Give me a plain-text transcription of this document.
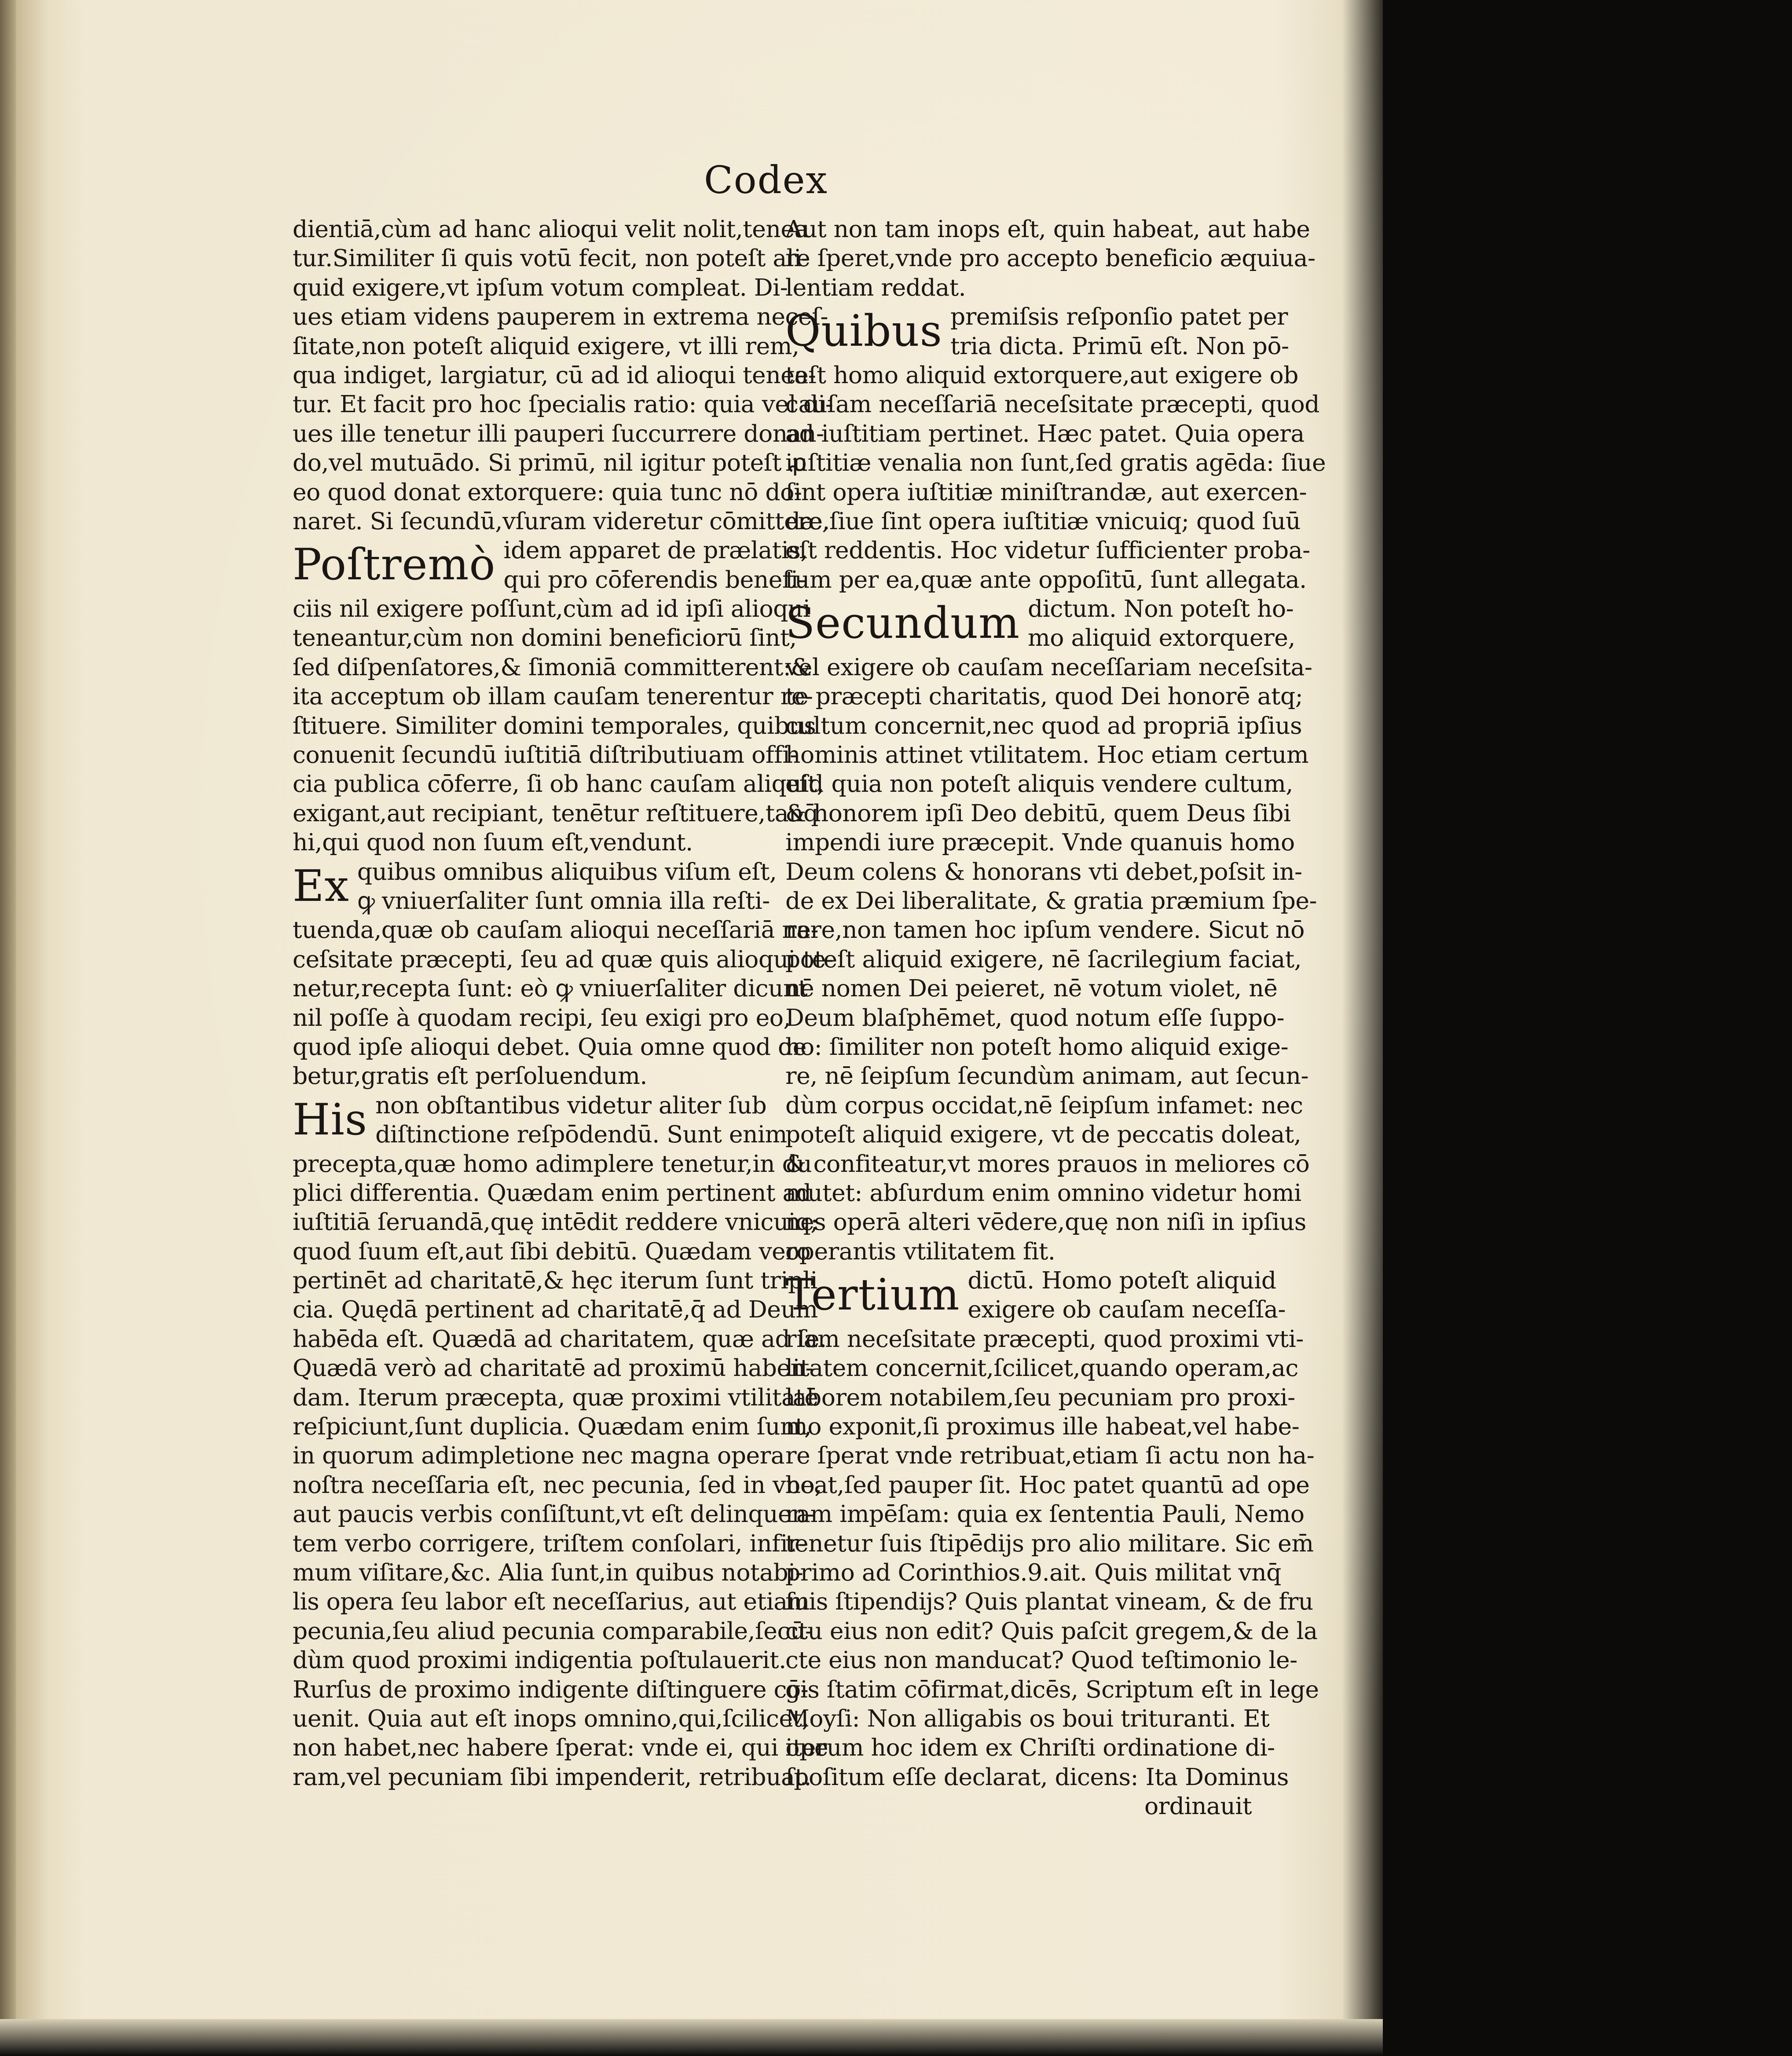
Codex
dientiā,cùm ad hanc alioqui velit nolit,tenea
tur.Similiter ſi quis votū fecit, non poteſt ali-
quid exigere,vt ipſum votum compleat. Di-
ues etiam videns pauperem in extrema neceſ-
ſitate,non poteſt aliquid exigere, vt illi rem,
qua indiget, largiatur, cū ad id alioqui tenea-
tur. Et facit pro hoc ſpecialis ratio: quia vel di-
ues ille tenetur illi pauperi ſuccurrere donan-
do,vel mutuādo. Si primū, nil igitur poteſt ꝓ
eo quod donat extorquere: quia tunc nō do-
naret. Si ſecundū,vſuram videretur cōmittere.
Poſtremò idem apparet de prælatis,
qui pro cōferendis benefi-
ciis nil exigere poſſunt,cùm ad id ipſi alioqui
teneantur,cùm non domini beneficiorū ſint,
ſed diſpenſatores,& ſimoniā committerent:&
ita acceptum ob illam cauſam tenerentur re-
ſtituere. Similiter domini temporales, quibus
conuenit ſecundū iuſtitiā diſtributiuam offi-
cia publica cōferre, ſi ob hanc cauſam aliquid
exigant,aut recipiant, tenētur reſtituere,tanq̄
hi,qui quod non ſuum eſt,vendunt.
Ex quibus omnibus aliquibus viſum eſt,
ꝙ vniuerſaliter ſunt omnia illa reſti-
tuenda,quæ ob cauſam alioqui neceſſariā ne-
ceſsitate præcepti, ſeu ad quæ quis alioqui te-
netur,recepta ſunt: eò ꝙ vniuerſaliter dicunt
nil poſſe à quodam recipi, ſeu exigi pro eo,
quod ipſe alioqui debet. Quia omne quod de
betur,gratis eſt perſoluendum.
His non obſtantibus videtur aliter ſub
diſtinctione reſpōdendū. Sunt enim
precepta,quæ homo adimplere tenetur,in du
plici differentia. Quædam enim pertinent ad
iuſtitiā ſeruandā,quę intēdit reddere vnicuiq;
quod ſuum eſt,aut ſibi debitū. Quædam vero
pertinēt ad charitatē,& hęc iterum ſunt tripli
cia. Quędā pertinent ad charitatē,q̄ ad Deum
habēda eſt. Quædā ad charitatem, quæ ad ſe.
Quædā verò ad charitatē ad proximū haben-
dam. Iterum præcepta, quæ proximi vtilitatē
reſpiciunt,ſunt duplicia. Quædam enim ſunt,
in quorum adimpletione nec magna opera
noſtra neceſſaria eſt, nec pecunia, ſed in vno,
aut paucis verbis conſiſtunt,vt eſt delinquen-
tem verbo corrigere, triſtem conſolari, infir-
mum viſitare,&c. Alia ſunt,in quibus notabi-
lis opera ſeu labor eſt neceſſarius, aut etiam
pecunia,ſeu aliud pecunia comparabile,ſecū-
dùm quod proximi indigentia poſtulauerit.
Rurſus de proximo indigente diſtinguere cō-
uenit. Quia aut eſt inops omnino,qui,ſcilicet,
non habet,nec habere ſperat: vnde ei, qui ope
ram,vel pecuniam ſibi impenderit, retribuat.
Aut non tam inops eſt, quin habeat, aut habe
re ſperet,vnde pro accepto beneficio æquiua-
lentiam reddat.
Quibus premiſsis reſponſio patet per
tria dicta. Primū eſt. Non pō-
teſt homo aliquid extorquere,aut exigere ob
cauſam neceſſariā neceſsitate præcepti, quod
ad iuſtitiam pertinet. Hæc patet. Quia opera
iuſtitiæ venalia non ſunt,ſed gratis agēda: ſiue
ſint opera iuſtitiæ miniſtrandæ, aut exercen-
dæ,ſiue ſint opera iuſtitiæ vnicuiq; quod ſuū
eſt reddentis. Hoc videtur ſufficienter proba-
tum per ea,quæ ante oppoſitū, ſunt allegata.
Secundum dictum. Non poteſt ho-
mo aliquid extorquere,
vel exigere ob cauſam neceſſariam neceſsita-
te præcepti charitatis, quod Dei honorē atq;
cultum concernit,nec quod ad propriā ipſius
hominis attinet vtilitatem. Hoc etiam certum
eſt, quia non poteſt aliquis vendere cultum,
& honorem ipſi Deo debitū, quem Deus ſibi
impendi iure præcepit. Vnde quanuis homo
Deum colens & honorans vti debet,poſsit in-
de ex Dei liberalitate, & gratia præmium ſpe-
rare,non tamen hoc ipſum vendere. Sicut nō
poteſt aliquid exigere, nē ſacrilegium faciat,
nē nomen Dei peieret, nē votum violet, nē
Deum blaſphēmet, quod notum eſſe ſuppo-
no: ſimiliter non poteſt homo aliquid exige-
re, nē ſeipſum ſecundùm animam, aut ſecun-
dùm corpus occidat,nē ſeipſum infamet: nec
poteſt aliquid exigere, vt de peccatis doleat,
& confiteatur,vt mores prauos in meliores cō
mutet: abſurdum enim omnino videtur homi
nes operā alteri vēdere,quę non niſi in ipſius
operantis vtilitatem fit.
Tertium dictū. Homo poteſt aliquid
exigere ob cauſam neceſſa-
riam neceſsitate præcepti, quod proximi vti-
litatem concernit,ſcilicet,quando operam,ac
laborem notabilem,ſeu pecuniam pro proxi-
mo exponit,ſi proximus ille habeat,vel habe-
re ſperat vnde retribuat,etiam ſi actu non ha-
beat,ſed pauper ſit. Hoc patet quantū ad ope
ram impēſam: quia ex ſententia Pauli, Nemo
tenetur ſuis ſtipēdijs pro alio militare. Sic em̄
primo ad Corinthios.9.ait. Quis militat vnq̄
ſuis ſtipendijs? Quis plantat vineam, & de fru
ctu eius non edit? Quis paſcit gregem,& de la
cte eius non manducat? Quod teſtimonio le-
gis ſtatim cōfirmat,dicēs, Scriptum eſt in lege
Moyſi: Non alligabis os boui trituranti. Et
iterum hoc idem ex Chriſti ordinatione di-
ſpoſitum eſſe declarat, dicens: Ita Dominus
ordinauit
